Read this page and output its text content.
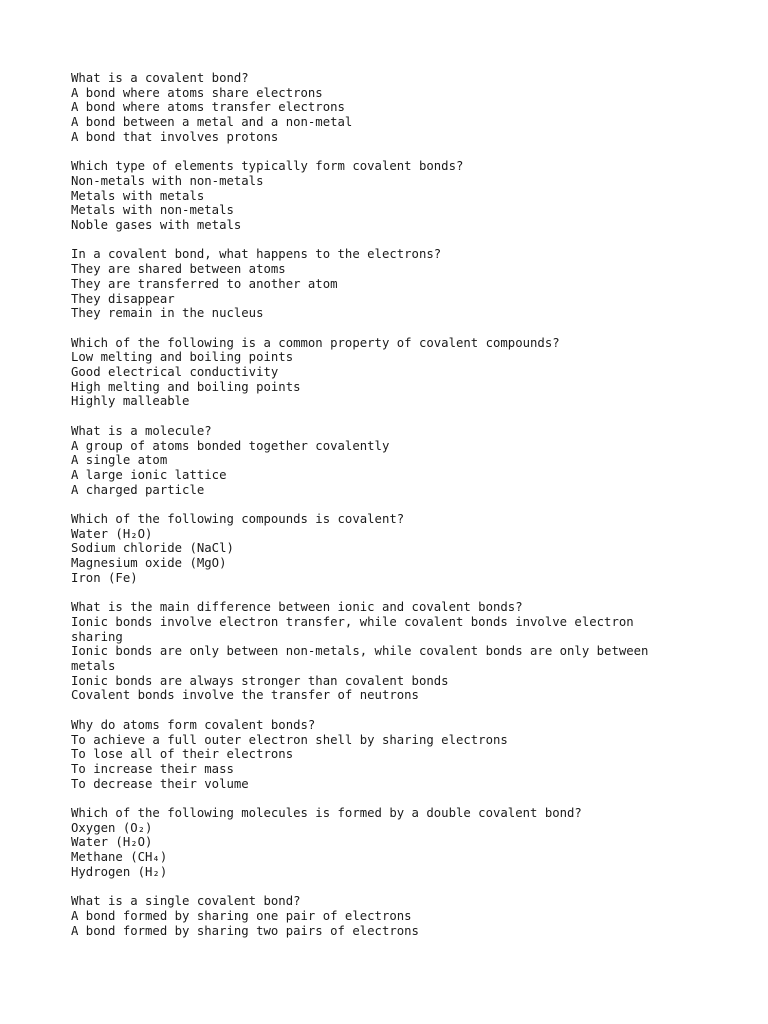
What is a covalent bond?
A bond where atoms share electrons
A bond where atoms transfer electrons
A bond between a metal and a non-metal
A bond that involves protons
Which type of elements typically form covalent bonds?
Non-metals with non-metals
Metals with metals
Metals with non-metals
Noble gases with metals
In a covalent bond, what happens to the electrons?
They are shared between atoms
They are transferred to another atom
They disappear
They remain in the nucleus
Which of the following is a common property of covalent compounds?
Low melting and boiling points
Good electrical conductivity
High melting and boiling points
Highly malleable
What is a molecule?
A group of atoms bonded together covalently
A single atom
A large ionic lattice
A charged particle
Which of the following compounds is covalent?
Water (H₂O)
Sodium chloride (NaCl)
Magnesium oxide (MgO)
Iron (Fe)
What is the main difference between ionic and covalent bonds?
Ionic bonds involve electron transfer, while covalent bonds involve electron sharing
Ionic bonds are only between non-metals, while covalent bonds are only between metals
Ionic bonds are always stronger than covalent bonds
Covalent bonds involve the transfer of neutrons
Why do atoms form covalent bonds?
To achieve a full outer electron shell by sharing electrons
To lose all of their electrons
To increase their mass
To decrease their volume
Which of the following molecules is formed by a double covalent bond?
Oxygen (O₂)
Water (H₂O)
Methane (CH₄)
Hydrogen (H₂)
What is a single covalent bond?
A bond formed by sharing one pair of electrons
A bond formed by sharing two pairs of electrons
